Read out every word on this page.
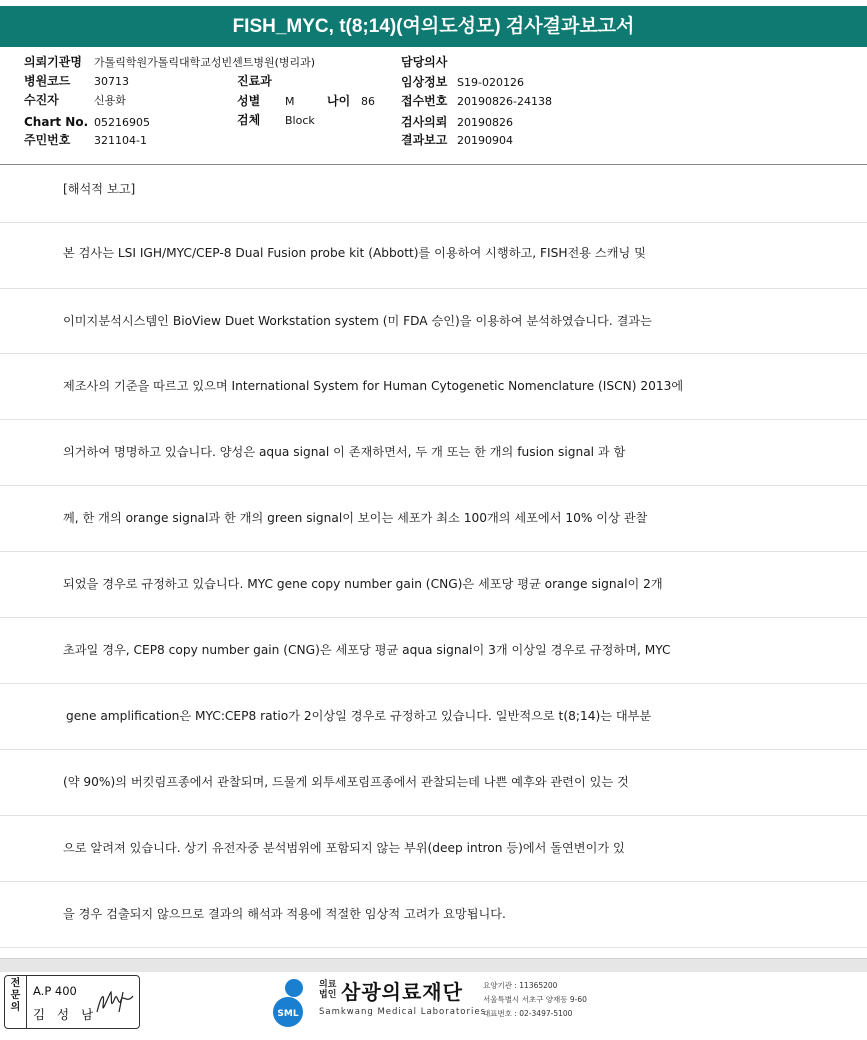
FISH_MYC, t(8;14)(여의도성모) 검사결과보고서
의뢰기관명 가톨릭학원가톨릭대학교성빈센트병원(병리과)
병원코드 30713
수진자	신용화
Chart No. 05216905
주민번호 321104-1
진료과
성별 M	나이 86
검체 Block
담당의사
임상정보 S19-020126
접수번호 20190826-24138
검사의뢰 20190826
결과보고 20190904
[해석적 보고]
본 검사는 LSI IGH/MYC/CEP-8 Dual Fusion probe kit (Abbott)를 이용하여 시행하고, FISH전용 스캐닝 및
이미지분석시스템인 BioView Duet Workstation system (미 FDA 승인)을 이용하여 분석하였습니다. 결과는
제조사의 기준을 따르고 있으며 International System for Human Cytogenetic Nomenclature (ISCN) 2013에
의거하여 명명하고 있습니다. 양성은 aqua signal 이 존재하면서, 두 개 또는 한 개의 fusion signal 과 함
께, 한 개의 orange signal과 한 개의 green signal이 보이는 세포가 최소 100개의 세포에서 10% 이상 관찰
되었을 경우로 규정하고 있습니다. MYC gene copy number gain (CNG)은 세포당 평균 orange signal이 2개
초과일 경우, CEP8 copy number gain (CNG)은 세포당 평균 aqua signal이 3개 이상일 경우로 규정하며, MYC
gene amplification은 MYC:CEP8 ratio가 2이상일 경우로 규정하고 있습니다. 일반적으로 t(8;14)는 대부분
(약 90%)의 버킷림프종에서 관찰되며, 드물게 외투세포림프종에서 관찰되는데 나쁜 예후와 관련이 있는 것
으로 알려져 있습니다. 상기 유전자중 분석범위에 포함되지 않는 부위(deep intron 등)에서 돌연변이가 있
을 경우 검출되지 않으므로 결과의 해석과 적용에 적절한 임상적 고려가 요망됩니다.
전문의
A.P 400
김 성 남	SML
의료법인 삼광의료재단
Samkwang Medical Laboratories
요양기관 : 11365200
서울특별시 서초구 양재동 9-60
대표번호 : 02-3497-5100
